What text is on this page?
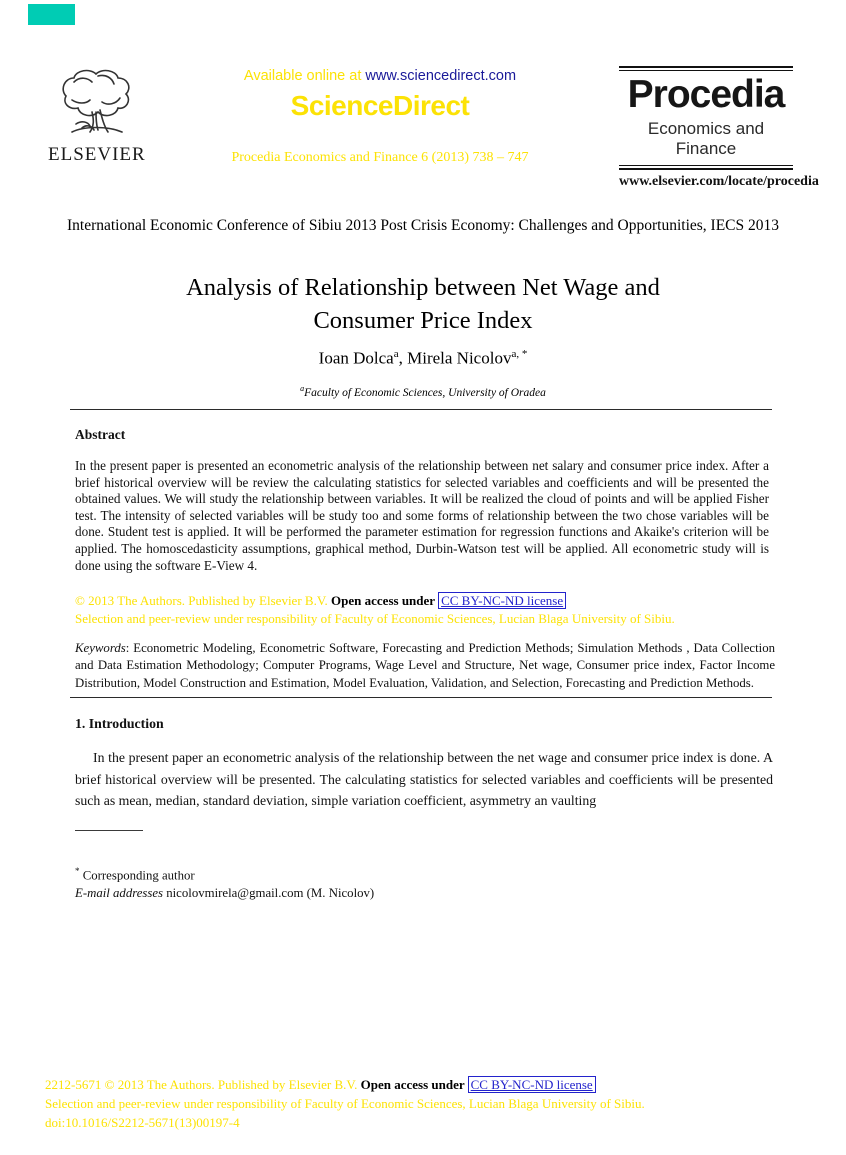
ELSEVIER
Available online at www.sciencedirect.com
ScienceDirect
Procedia Economics and Finance 6 (2013) 738 – 747
Procedia
Economics and Finance
www.elsevier.com/locate/procedia
International Economic Conference of Sibiu 2013 Post Crisis Economy: Challenges and Opportunities, IECS 2013
Analysis of Relationship between Net Wage and
Consumer Price Index
Ioan Dolca$^a$, Mirela Nicolov$^{a, *}$
$^a$Faculty of Economic Sciences, University of Oradea
Abstract
In the present paper is presented an econometric analysis of the relationship between net salary and consumer price index. After a brief historical overview will be review the calculating statistics for selected variables and coefficients and will be presented the obtained values. We will study the relationship between variables. It will be realized the cloud of points and will be applied Fisher test. The intensity of selected variables will be study too and some forms of relationship between the two chose variables will be done. Student test is applied. It will be performed the parameter estimation for regression functions and Akaike's criterion will be applied. The homoscedasticity assumptions, graphical method, Durbin-Watson test will be applied. All econometric study will is done using the software E-View 4.
© 2013 The Authors. Published by Elsevier B.V. Open access under CC BY-NC-ND license
Selection and peer-review under responsibility of Faculty of Economic Sciences, Lucian Blaga University of Sibiu.
Keywords: Econometric Modeling, Econometric Software, Forecasting and Prediction Methods; Simulation Methods , Data Collection and Data Estimation Methodology; Computer Programs, Wage Level and Structure, Net wage, Consumer price index, Factor Income Distribution, Model Construction and Estimation, Model Evaluation, Validation, and Selection, Forecasting and Prediction Methods.
1. Introduction
In the present paper an econometric analysis of the relationship between the net wage and consumer price index is done. A brief historical overview will be presented. The calculating statistics for selected variables and coefficients will be presented such as mean, median, standard deviation, simple variation coefficient, asymmetry an vaulting
* Corresponding author
E-mail addresses nicolovmirela@gmail.com (M. Nicolov)
2212-5671 © 2013 The Authors. Published by Elsevier B.V. Open access under CC BY-NC-ND license
Selection and peer-review under responsibility of Faculty of Economic Sciences, Lucian Blaga University of Sibiu.
doi:10.1016/S2212-5671(13)00197-4
